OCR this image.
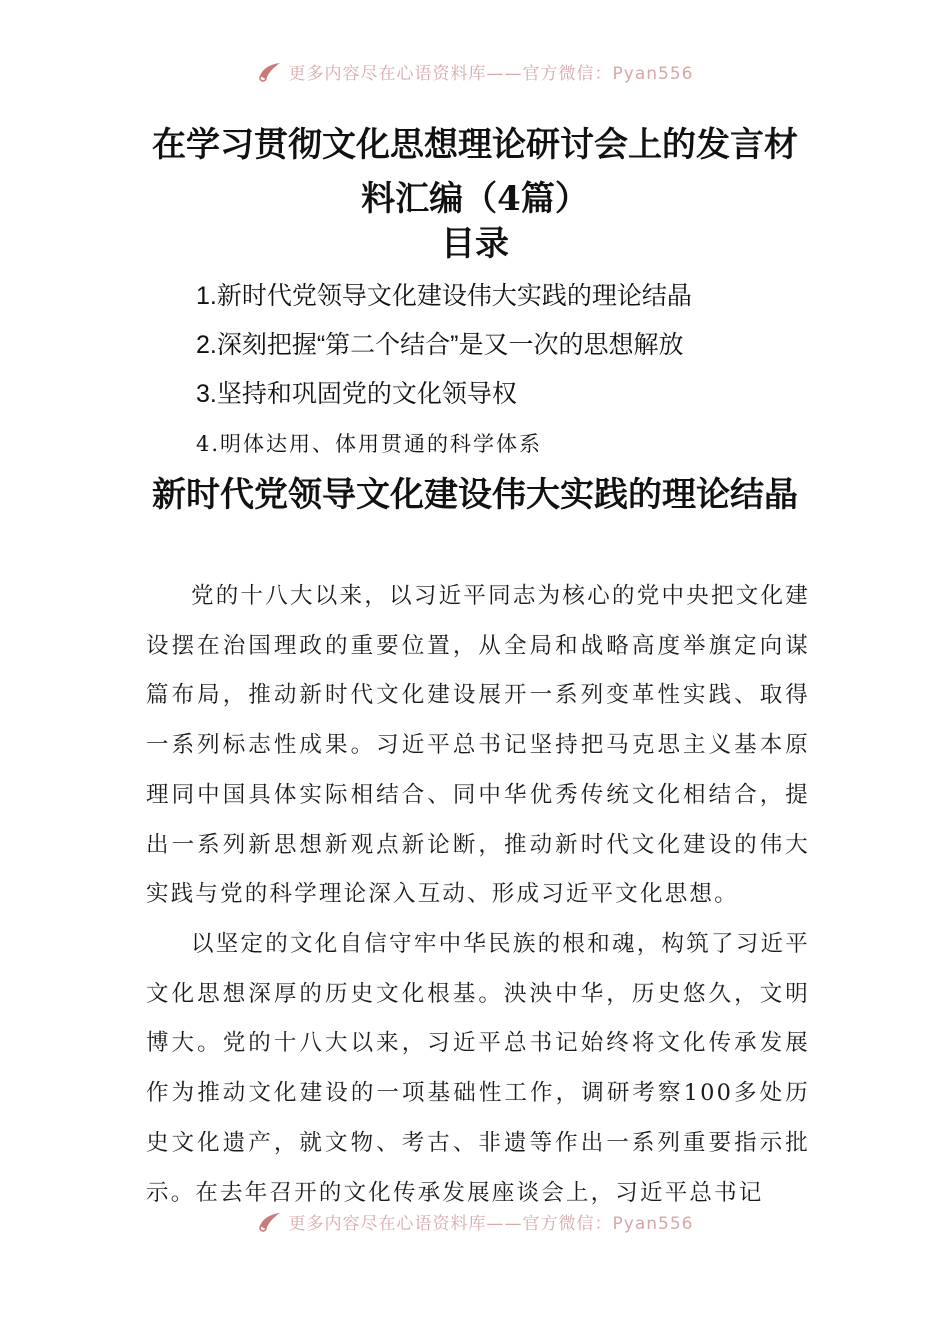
更多内容尽在心语资料库——官方微信：Pyan556
在学习贯彻文化思想理论研讨会上的发言材料汇编（4篇）
目录
1.新时代党领导文化建设伟大实践的理论结晶
2.深刻把握“第二个结合”是又一次的思想解放
3.坚持和巩固党的文化领导权
4.明体达用、体用贯通的科学体系
新时代党领导文化建设伟大实践的理论结晶

党的十八大以来，以习近平同志为核心的党中央把文化建设摆在治国理政的重要位置，从全局和战略高度举旗定向谋篇布局，推动新时代文化建设展开一系列变革性实践、取得一系列标志性成果。习近平总书记坚持把马克思主义基本原理同中国具体实际相结合、同中华优秀传统文化相结合，提出一系列新思想新观点新论断，推动新时代文化建设的伟大实践与党的科学理论深入互动、形成习近平文化思想。

以坚定的文化自信守牢中华民族的根和魂，构筑了习近平文化思想深厚的历史文化根基。泱泱中华，历史悠久，文明博大。党的十八大以来，习近平总书记始终将文化传承发展作为推动文化建设的一项基础性工作，调研考察100多处历史文化遗产，就文物、考古、非遗等作出一系列重要指示批示。在去年召开的文化传承发展座谈会上，习近平总书记

更多内容尽在心语资料库——官方微信：Pyan556
